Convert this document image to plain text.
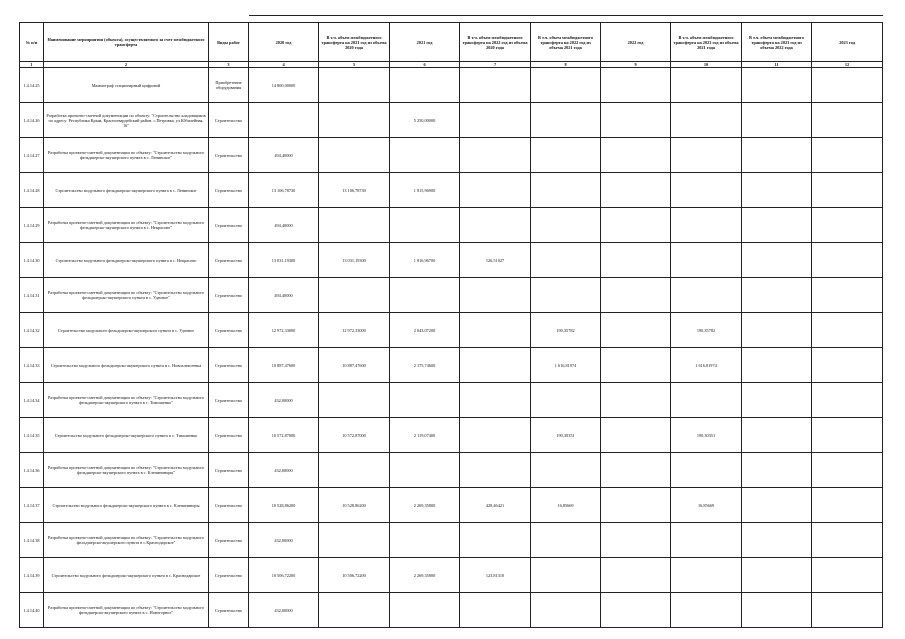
№ п/п	Наименование мероприятия (объекта), осуществляемого за счет межбюджетного трансферта	Виды работ	2020 год	В т.ч. объем межбюджетного трансферта на 2021 год из объема 2020 года	2021 год	В т.ч. объем межбюджетного трансферта на 2022 год из объема 2020 года	В т.ч. объем межбюджетного трансферта на 2022 год из объема 2021 года	2022 год	В т.ч. объем межбюджетного трансферта на 2023 год из объема 2021 года	В т.ч. объем межбюджетного трансферта на 2023 год из объема 2022 года	2023 год
1	2	3	4	5	6	7	8	9	10	11	12
1.4.14.25	Маммограф стационарный цифровой	Приобретение оборудования	14 800,00000								
1.4.14.26	Разработка проектно-сметной документации по объекту: "Строительство кладовщиков по адресу: Республика Крым, Красногвардейский район, с.Петровка, ул.Юбилейная, 16"	Строительство			5 250,00000						
1.4.14.27	Разработка проектно-сметной документации по объекту: "Строительство модульного фельдшерско-акушерского пункта в с. Ленинское"	Строительство	494,40000								
1.4.14.28	Строительство модульного фельдшерско-акушерского пункта в с. Ленинское	Строительство	13 106,78730	13 106,78730	1 815,96900						
1.4.14.29	Разработка проектно-сметной документации по объекту: "Строительство модульного фельдшерско-акушерского пункта в с. Некрасово"	Строительство	494,40000								
1.4.14.30	Строительство модульного фельдшерско-акушерского пункта в с. Некрасово	Строительство	13 031,19300	13 031,19300	1 816,96700	126,51027					
1.4.14.31	Разработка проектно-сметной документации по объекту: "Строительство модульного фельдшерско-акушерского пункта в с. Удачное"	Строительство	494,40000								
1.4.14.32	Строительство модульного фельдшерско-акушерского пункта в с. Удачное	Строительство	12 972,33000	12 972,33000	2 043,07200		190,35782		190,35782		
1.4.14.33	Строительство модульного фельдшерско-акушерского пункта в с. Новоалексеевка	Строительство	10 887,47600	10 887,47600	2 175,74600		1 616,81974		1 616,81974		
1.4.14.34	Разработка проектно-сметной документации по объекту: "Строительство модульного фельдшерско-акушерского пункта в с. Тимошенко"	Строительство	432,00000								
1.4.14.35	Строительство модульного фельдшерско-акушерского пункта в с. Тимошенко	Строительство	10 572,87000	10 572,87000	2 119,07400		190,30351		190,30351		
1.4.14.36	Разработка проектно-сметной документации по объекту: "Строительство модульного фельдшерско-акушерского пункта в с. Клепининоры"	Строительство	432,00000								
1.4.14.37	Строительство модульного фельдшерско-акушерского пункта в с. Клепининоры	Строительство	10 528,86200	10 528,86200	2 269,35800	428,46421	16,85669		16,85669		
1.4.14.38	Разработка проектно-сметной документации по объекту: "Строительство модульного фельдшерско-акушерского пункта в с.Краснодарское"	Строительство	432,00000								
1.4.14.39	Строительство модульного фельдшерско-акушерского пункта в с. Краснодарское	Строительство	10 506,72200	10 506,72200	2 269,35800	123,81310					
1.4.14.40	Разработка проектно-сметной документации по объекту: "Строительство модульного фельдшерско-акушерского пункта в с. Новогорное"	Строительство	432,00000								
